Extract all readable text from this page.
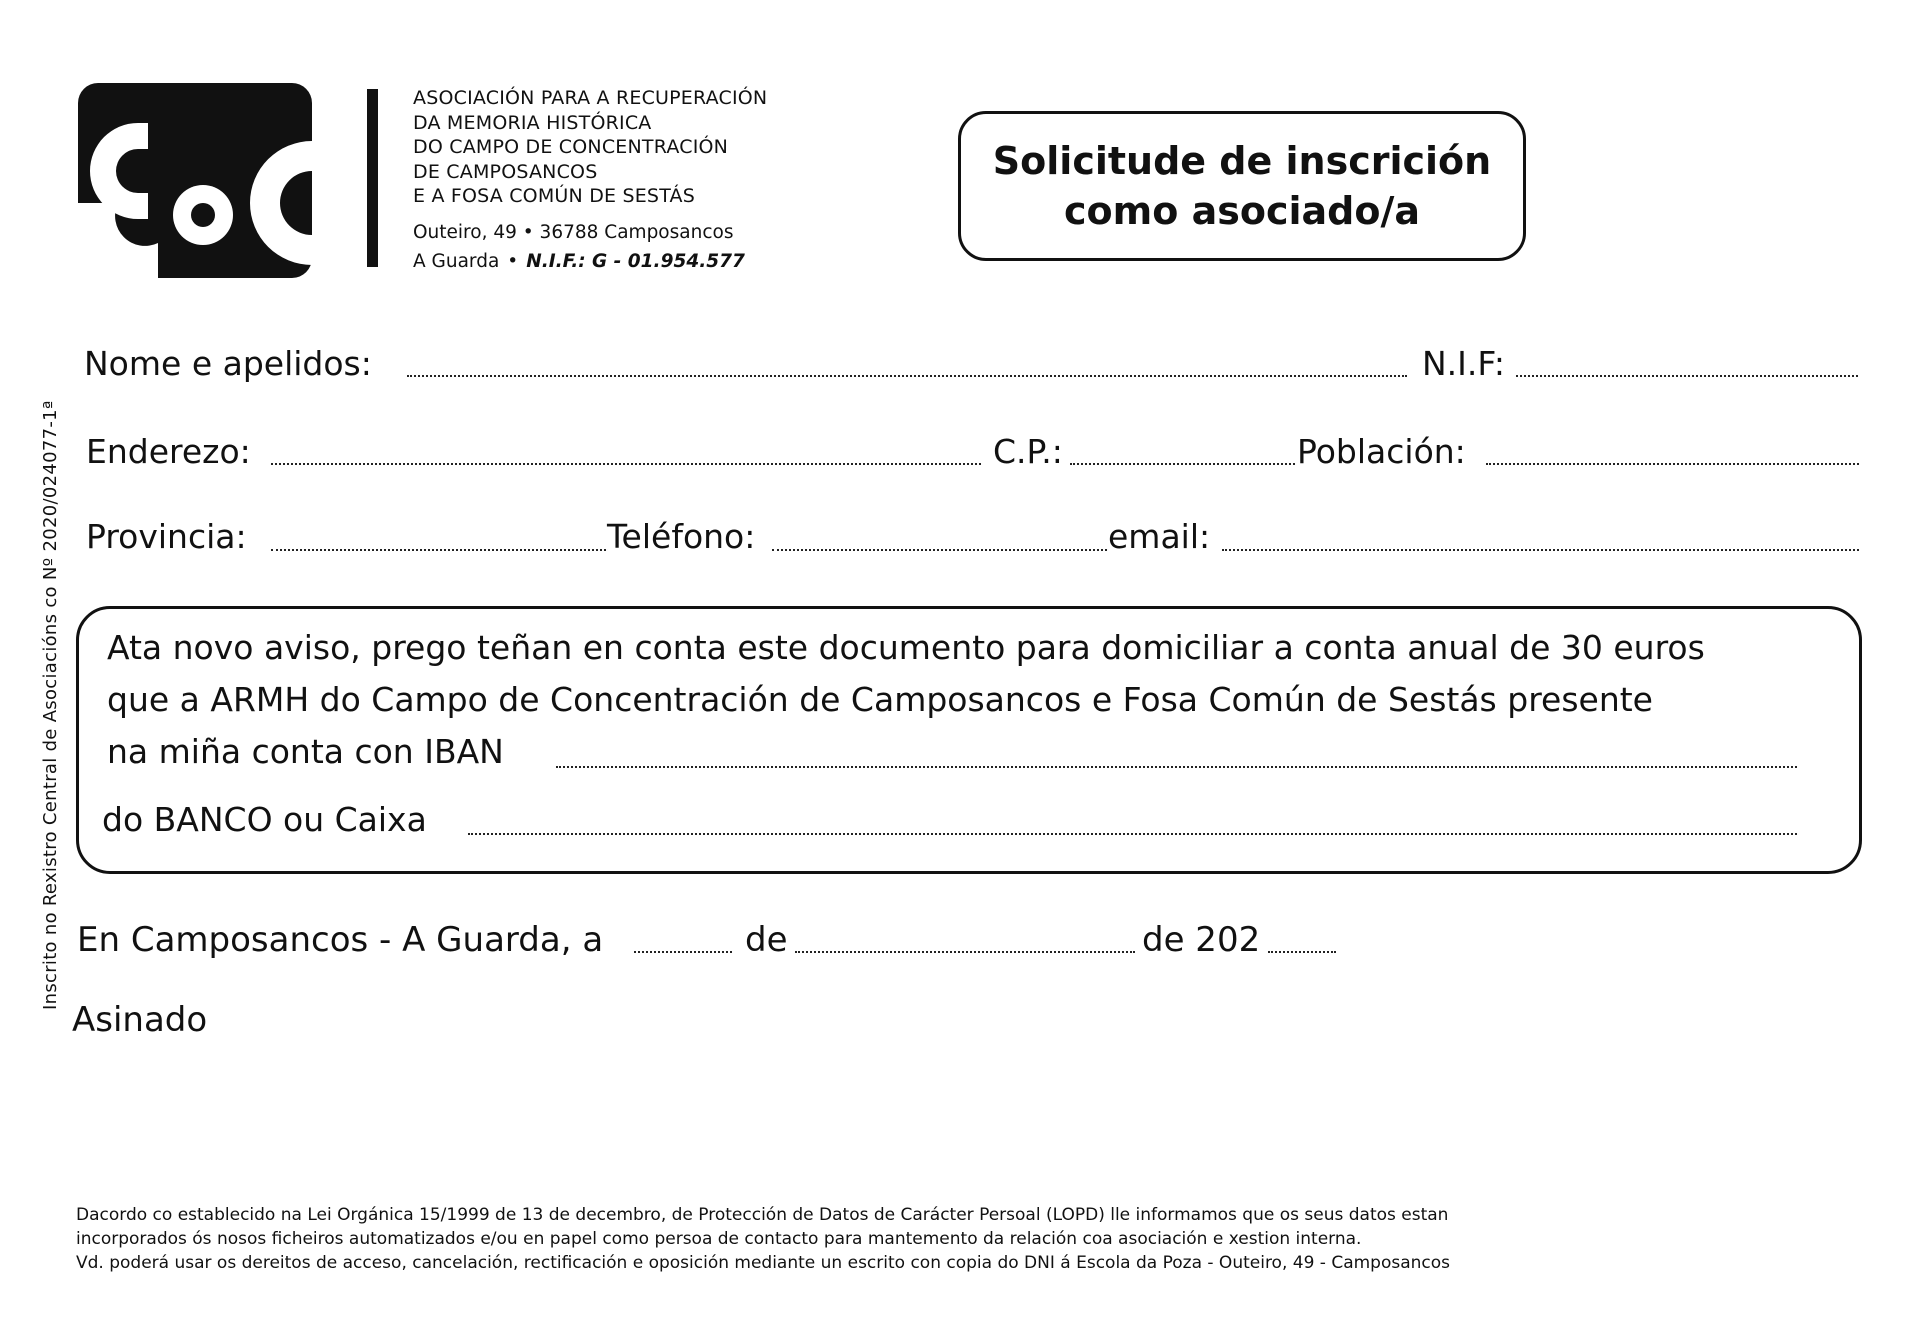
ASOCIACIÓN PARA A RECUPERACIÓN
DA MEMORIA HISTÓRICA
DO CAMPO DE CONCENTRACIÓN
DE CAMPOSANCOS
E A FOSA COMÚN DE SESTÁS
Outeiro, 49 • 36788 Camposancos
A Guarda • N.I.F.: G - 01.954.577
Solicitude de inscrición
como asociado/a
Inscrito no Rexistro Central de Asociacións co Nº 2020/024077-1ª
Nome e apelidos:	N.I.F:
Enderezo:	C.P.:	Población:
Provincia:	Teléfono:	email:
Ata novo aviso, prego teñan en conta este documento para domiciliar a conta anual de 30 euros
que a ARMH do Campo de Concentración de Camposancos e Fosa Común de Sestás presente
na miña conta con IBAN
do BANCO ou Caixa
En Camposancos - A Guarda, a	de	de 202
Asinado
Dacordo co establecido na Lei Orgánica 15/1999 de 13 de decembro, de Protección de Datos de Carácter Persoal (LOPD) lle informamos que os seus datos estan
incorporados ós nosos ficheiros automatizados e/ou en papel como persoa de contacto para mantemento da relación coa asociación e xestion interna.
Vd. poderá usar os dereitos de acceso, cancelación, rectificación e oposición mediante un escrito con copia do DNI á Escola da Poza - Outeiro, 49 - Camposancos
